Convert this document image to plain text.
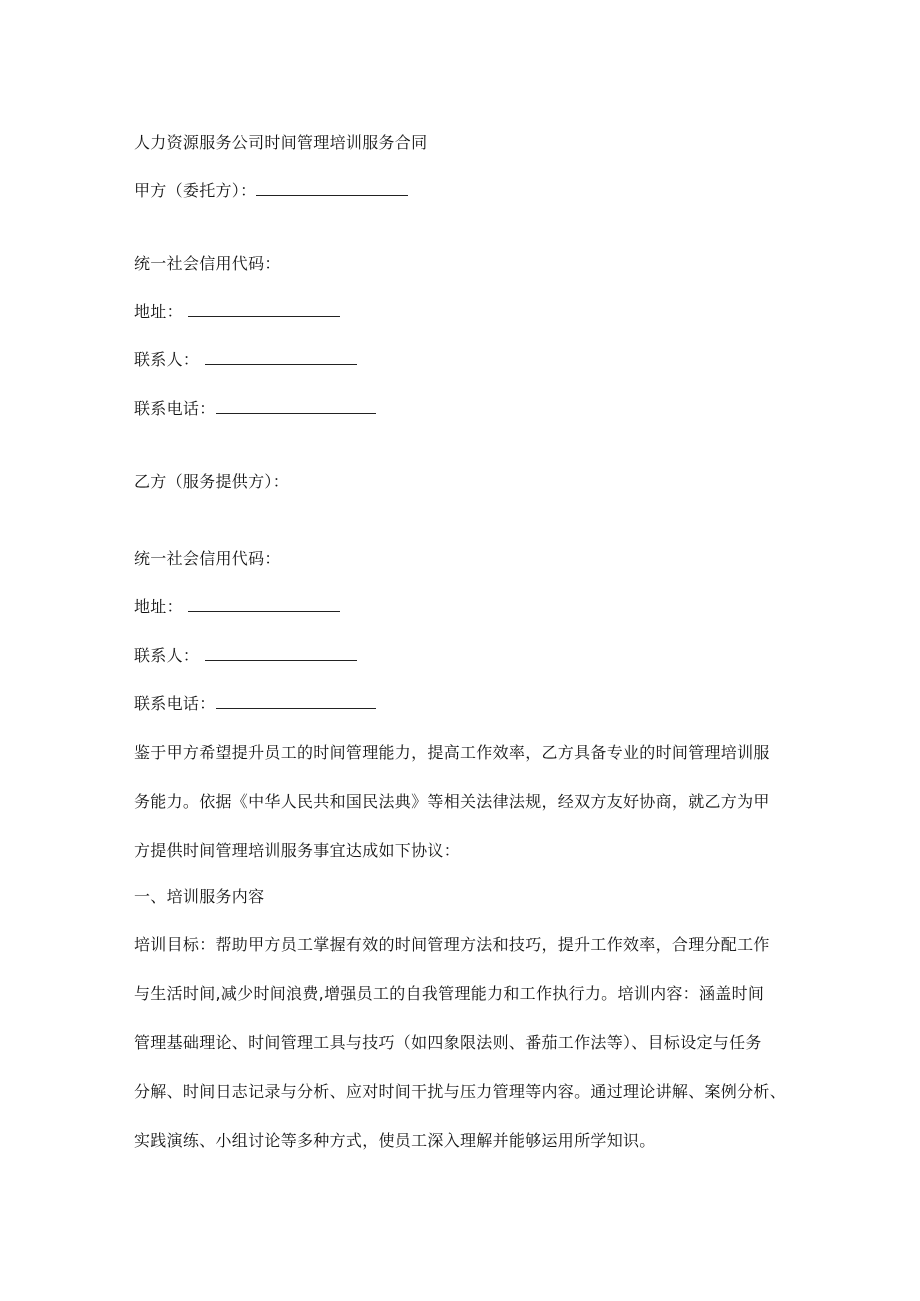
人力资源服务公司时间管理培训服务合同
甲方（委托方）：
统一社会信用代码：
地址：
联系人：
联系电话：
乙方（服务提供方）：
统一社会信用代码：
地址：
联系人：
联系电话：
鉴于甲方希望提升员工的时间管理能力，提高工作效率，乙方具备专业的时间管理培训服
务能力。依据《中华人民共和国民法典》等相关法律法规，经双方友好协商，就乙方为甲
方提供时间管理培训服务事宜达成如下协议：
一、培训服务内容
培训目标：帮助甲方员工掌握有效的时间管理方法和技巧，提升工作效率，合理分配工作
与生活时间,减少时间浪费,增强员工的自我管理能力和工作执行力。培训内容：涵盖时间
管理基础理论、时间管理工具与技巧（如四象限法则、番茄工作法等）、目标设定与任务
分解、时间日志记录与分析、应对时间干扰与压力管理等内容。通过理论讲解、案例分析、
实践演练、小组讨论等多种方式，使员工深入理解并能够运用所学知识。
